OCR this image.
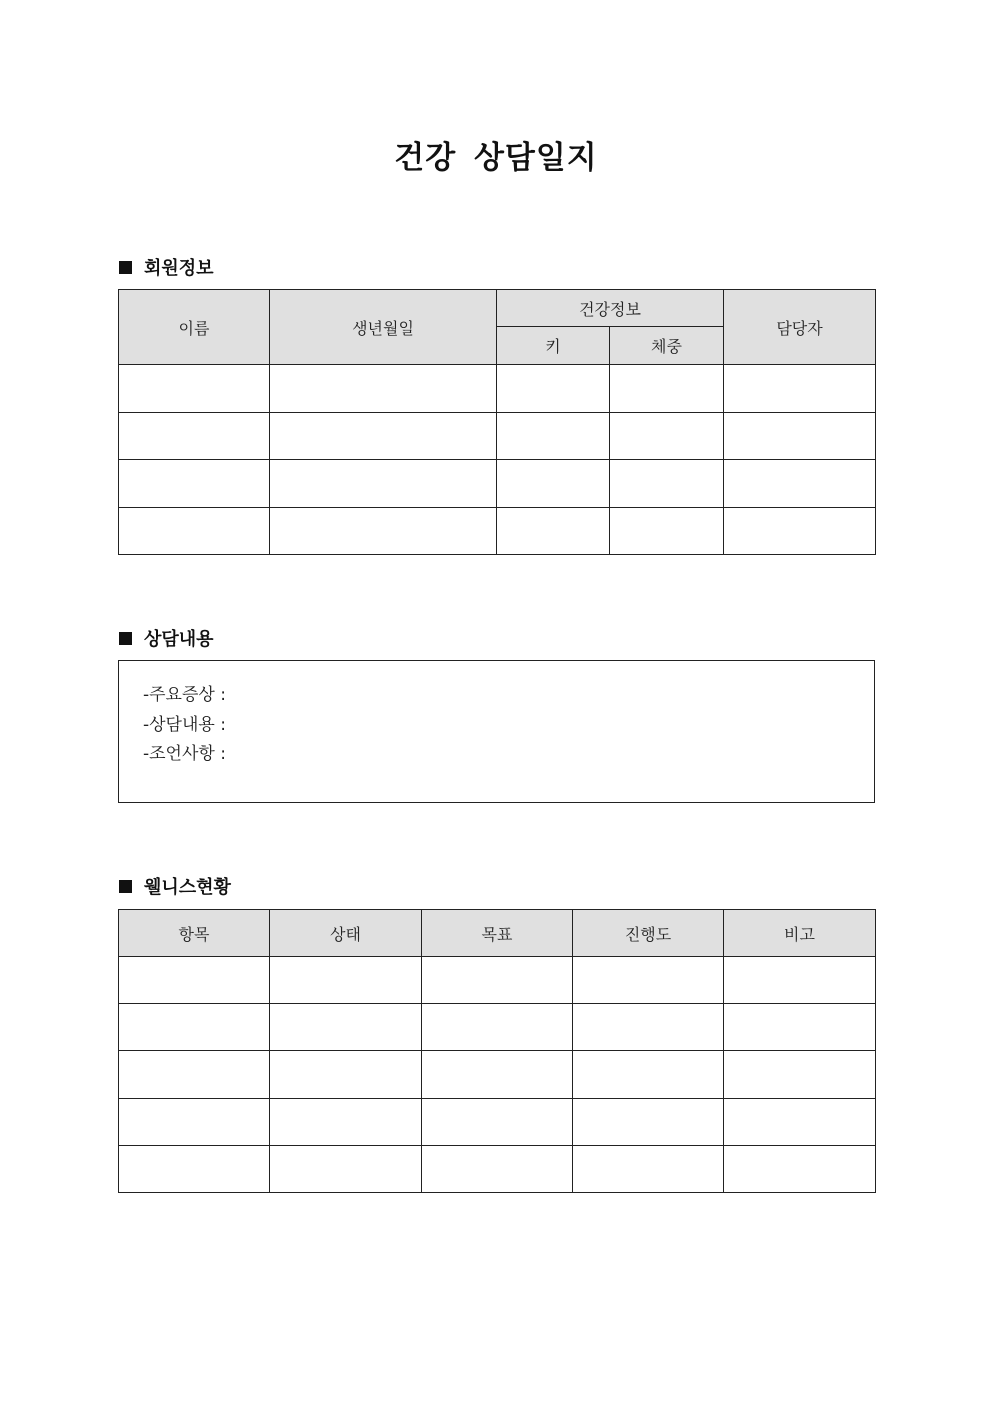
건강 상담일지
회원정보
이름	생년월일	건강정보		담당자
		키	체중	

상담내용
-주요증상 :
-상담내용 :
-조언사항 :
웰니스현황
항목	상태	목표	진행도	비고
